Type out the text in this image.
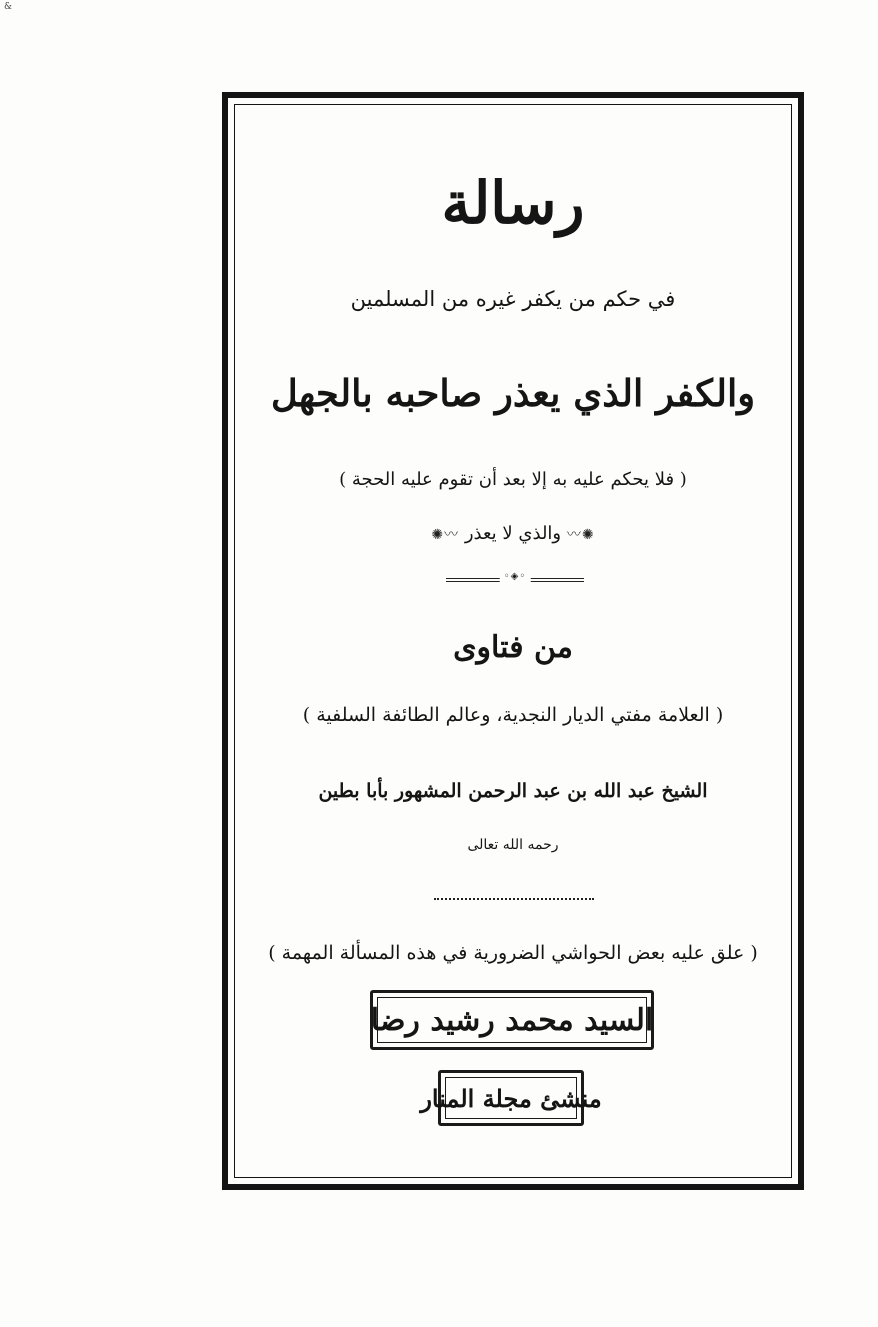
&
رسالة
في حكم من يكفر غيره من المسلمين
والكفر الذي يعذر صاحبه بالجهل
( فلا يحكم عليه به إلا بعد أن تقوم عليه الحجة )
✺〰 والذي لا يعذر 〰✺
◦◈◦
من فتاوى
( العلامة مفتي الديار النجدية، وعالم الطائفة السلفية )
الشيخ عبد الله بن عبد الرحمن المشهور بأبا بطين
رحمه الله تعالى
( علق عليه بعض الحواشي الضرورية في هذه المسألة المهمة )
السيد محمد رشيد رضا
منشئ مجلة المنار
